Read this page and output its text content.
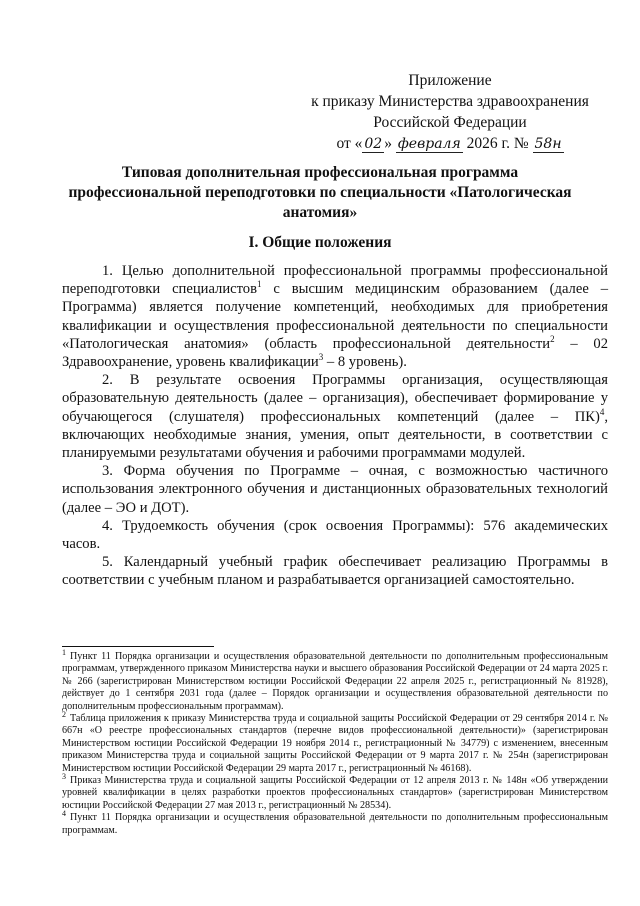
Приложение
к приказу Министерства здравоохранения
Российской Федерации
от « 02 » февраля 2026 г. № 58н
Типовая дополнительная профессиональная программа профессиональной переподготовки по специальности «Патологическая анатомия»
I. Общие положения

1. Целью дополнительной профессиональной программы профессиональной переподготовки специалистов$^1$ с высшим медицинским образованием (далее – Программа) является получение компетенций, необходимых для приобретения квалификации и осуществления профессиональной деятельности по специальности «Патологическая анатомия» (область профессиональной деятельности$^2$ – 02 Здравоохранение, уровень квалификации$^3$ – 8 уровень).

2. В результате освоения Программы организация, осуществляющая образовательную деятельность (далее – организация), обеспечивает формирование у обучающегося (слушателя) профессиональных компетенций (далее – ПК)$^4$, включающих необходимые знания, умения, опыт деятельности, в соответствии с планируемыми результатами обучения и рабочими программами модулей.

3. Форма обучения по Программе – очная, с возможностью частичного использования электронного обучения и дистанционных образовательных технологий (далее – ЭО и ДОТ).

4. Трудоемкость обучения (срок освоения Программы): 576 академических часов.

5. Календарный учебный график обеспечивает реализацию Программы в соответствии с учебным планом и разрабатывается организацией самостоятельно.

$^1$ Пункт 11 Порядка организации и осуществления образовательной деятельности по дополнительным профессиональным программам, утвержденного приказом Министерства науки и высшего образования Российской Федерации от 24 марта 2025 г. № 266 (зарегистрирован Министерством юстиции Российской Федерации 22 апреля 2025 г., регистрационный № 81928), действует до 1 сентября 2031 года (далее – Порядок организации и осуществления образовательной деятельности по дополнительным профессиональным программам).

$^2$ Таблица приложения к приказу Министерства труда и социальной защиты Российской Федерации от 29 сентября 2014 г. № 667н «О реестре профессиональных стандартов (перечне видов профессиональной деятельности)» (зарегистрирован Министерством юстиции Российской Федерации 19 ноября 2014 г., регистрационный № 34779) с изменением, внесенным приказом Министерства труда и социальной защиты Российской Федерации от 9 марта 2017 г. № 254н (зарегистрирован Министерством юстиции Российской Федерации 29 марта 2017 г., регистрационный № 46168).

$^3$ Приказ Министерства труда и социальной защиты Российской Федерации от 12 апреля 2013 г. № 148н «Об утверждении уровней квалификации в целях разработки проектов профессиональных стандартов» (зарегистрирован Министерством юстиции Российской Федерации 27 мая 2013 г., регистрационный № 28534).

$^4$ Пункт 11 Порядка организации и осуществления образовательной деятельности по дополнительным профессиональным программам.
